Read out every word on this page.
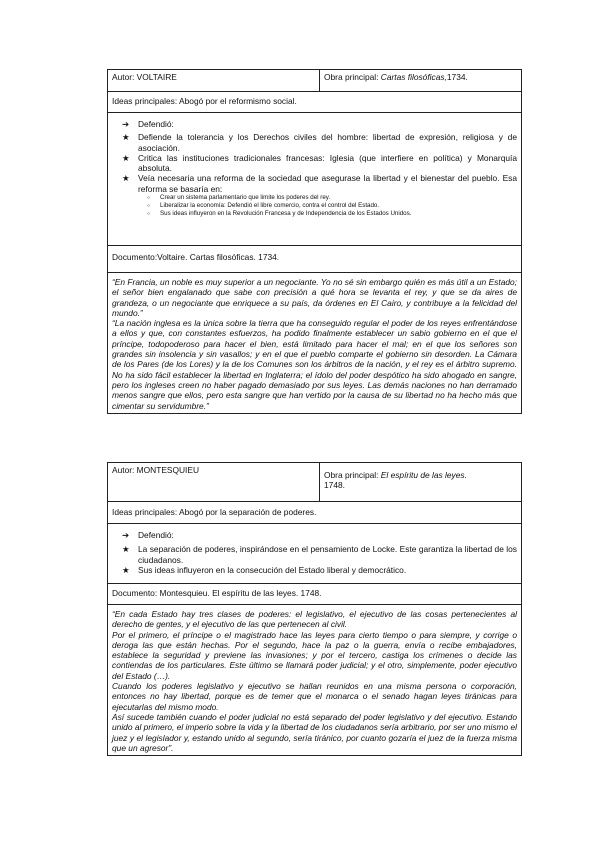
Autor: VOLTAIRE	Obra principal: Cartas filosóficas,1734.
Ideas principales: Abogó por el reformismo social.

➔	Defendió:
★	Defiende la tolerancia y los Derechos civiles del hombre: libertad de expresión, religiosa y de asociación.
★	Critica las instituciones tradicionales francesas: Iglesia (que interfiere en política) y Monarquía absoluta.
★	Veía necesaria una reforma de la sociedad que asegurase la libertad y el bienestar del pueblo. Esa reforma se basaría en:
○ Crear un sistema parlamentario que limite los poderes del rey.
○ Liberalizar la economía: Defendió el libre comercio, contra el control del Estado.
○ Sus ideas influyeron en la Revolución Francesa y de Independencia de los Estados Unidos.

Documento:Voltaire. Cartas filosóficas. 1734.

“En Francia, un noble es muy superior a un negociante. Yo no sé sin embargo quién es más útil a un Estado; el señor bien engalanado que sabe con precisión a qué hora se levanta el rey, y que se da aires de grandeza, o un negociante que enriquece a su país, da órdenes en El Cairo, y contribuye a la felicidad del mundo.”

“La nación inglesa es la única sobre la tierra que ha conseguido regular el poder de los reyes enfrentándose a ellos y que, con constantes esfuerzos, ha podido finalmente establecer un sabio gobierno en el que el príncipe, todopoderoso para hacer el bien, está limitado para hacer el mal; en el que los señores son grandes sin insolencia y sin vasallos; y en el que el pueblo comparte el gobierno sin desorden. La Cámara de los Pares (de los Lores) y la de los Comunes son los árbitros de la nación, y el rey es el árbitro supremo. No ha sido fácil establecer la libertad en Inglaterra; el ídolo del poder despótico ha sido ahogado en sangre, pero los ingleses creen no haber pagado demasiado por sus leyes. Las demás naciones no han derramado menos sangre que ellos, pero esta sangre que han vertido por la causa de su libertad no ha hecho más que cimentar su servidumbre.”

Autor: MONTESQUIEU	Obra principal: El espíritu de las leyes.
1748.
Ideas principales: Abogó por la separación de poderes.

➔	Defendió:
★	La separación de poderes, inspirándose en el pensamiento de Locke. Este garantiza la libertad de los ciudadanos.
★	Sus ideas influyeron en la consecución del Estado liberal y democrático.

Documento: Montesquieu. El espíritu de las leyes. 1748.

“En cada Estado hay tres clases de poderes: el legislativo, el ejecutivo de las cosas pertenecientes al derecho de gentes, y el ejecutivo de las que pertenecen al civil.

Por el primero, el príncipe o el magistrado hace las leyes para cierto tiempo o para siempre, y corrige o deroga las que están hechas. Por el segundo, hace la paz o la guerra, envía o recibe embajadores, establece la seguridad y previene las invasiones; y por el tercero, castiga los crímenes o decide las contiendas de los particulares. Este último se llamará poder judicial; y el otro, simplemente, poder ejecutivo del Estado (…).

Cuando los poderes legislativo y ejecutivo se hallan reunidos en una misma persona o corporación, entonces no hay libertad, porque es de temer que el monarca o el senado hagan leyes tiránicas para ejecutarlas del mismo modo.

Así sucede también cuando el poder judicial no está separado del poder legislativo y del ejecutivo. Estando unido al primero, el imperio sobre la vida y la libertad de los ciudadanos sería arbitrario, por ser uno mismo el juez y el legislador y, estando unido al segundo, sería tiránico, por cuanto gozaría el juez de la fuerza misma que un agresor”.
